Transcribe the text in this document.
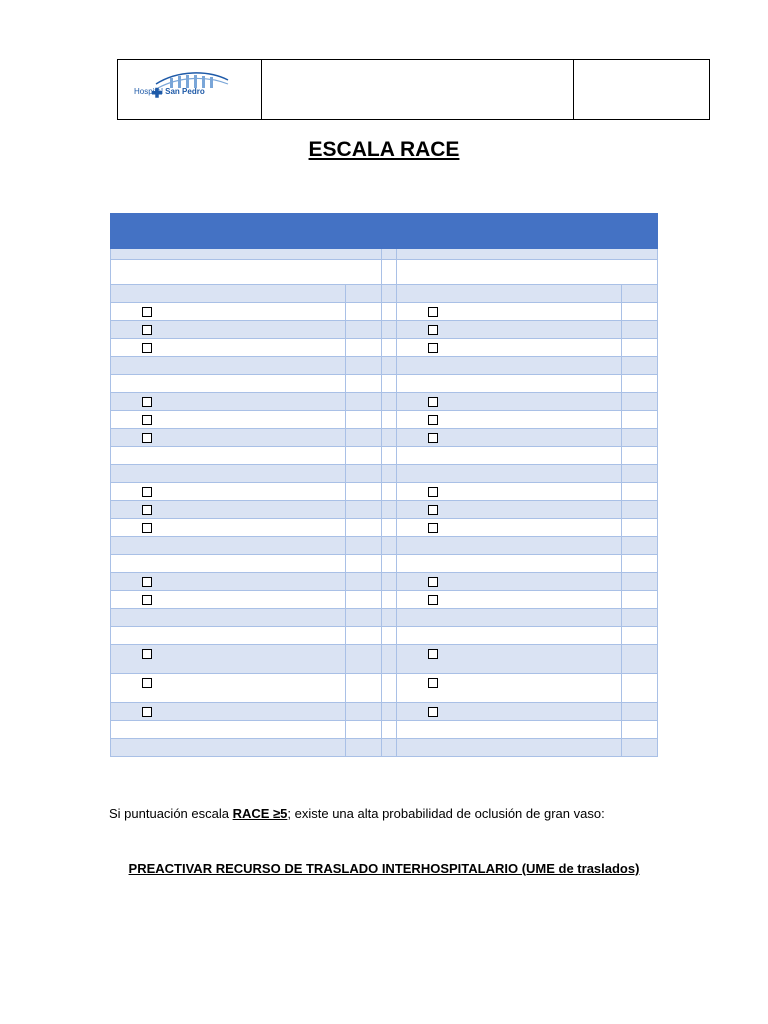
Hospital San Pedro
ESCALA RACE
Si puntuación escala RACE ≥5; existe una alta probabilidad de oclusión de gran vaso:
PREACTIVAR RECURSO DE TRASLADO INTERHOSPITALARIO (UME de traslados)
